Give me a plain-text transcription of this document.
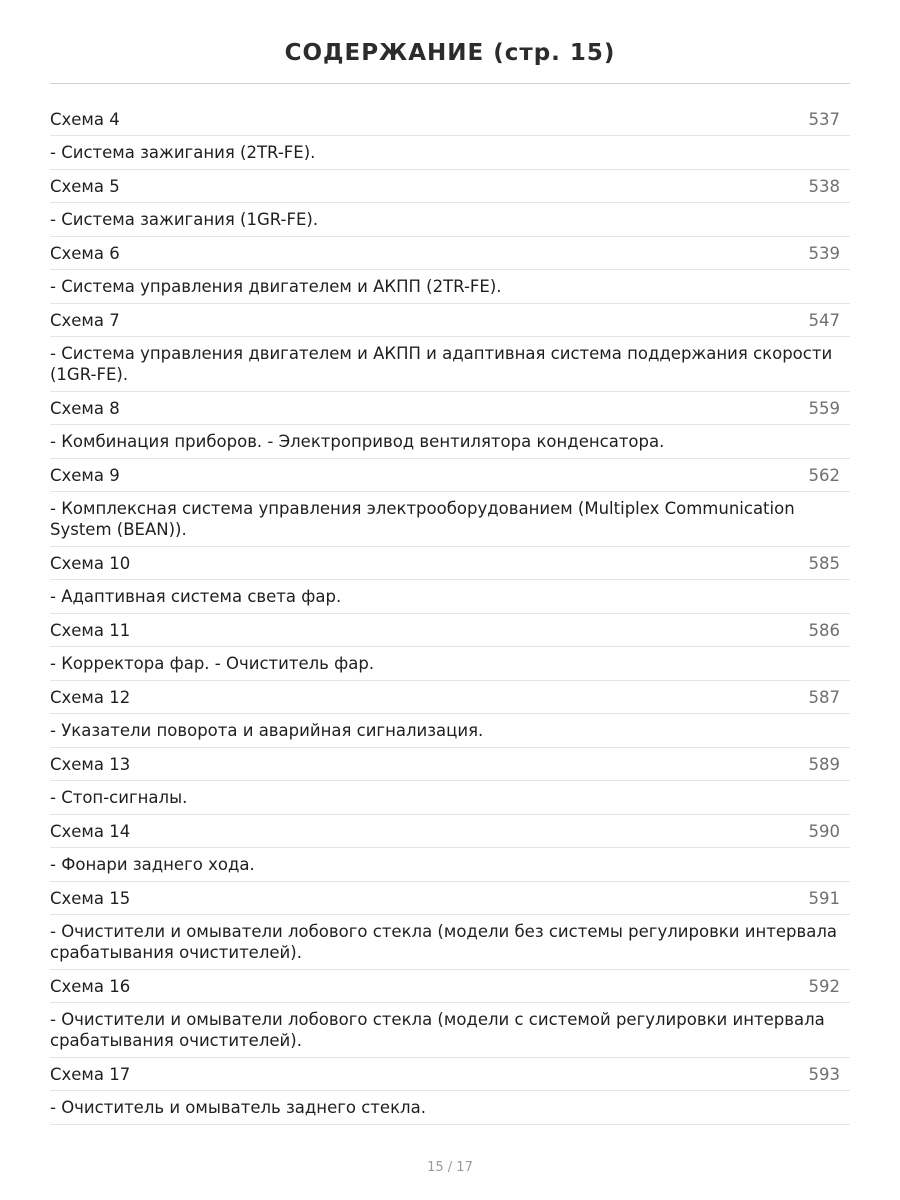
СОДЕРЖАНИЕ (стр. 15)
Схема 4	537
- Система зажигания (2TR-FE).
Схема 5	538
- Система зажигания (1GR-FE).
Схема 6	539
- Система управления двигателем и АКПП (2TR-FE).
Схема 7	547
- Система управления двигателем и АКПП и адаптивная система поддержания скорости (1GR-FE).
Схема 8	559
- Комбинация приборов. - Электропривод вентилятора конденсатора.
Схема 9	562
- Комплексная система управления электрооборудованием (Multiplex Communication System (BEAN)).
Схема 10	585
- Адаптивная система света фар.
Схема 11	586
- Корректора фар. - Очиститель фар.
Схема 12	587
- Указатели поворота и аварийная сигнализация.
Схема 13	589
- Стоп-сигналы.
Схема 14	590
- Фонари заднего хода.
Схема 15	591
- Очистители и омыватели лобового стекла (модели без системы регулировки интервала срабатывания очистителей).
Схема 16	592
- Очистители и омыватели лобового стекла (модели с системой регулировки интервала срабатывания очистителей).
Схема 17	593
- Очиститель и омыватель заднего стекла.
15 / 17
